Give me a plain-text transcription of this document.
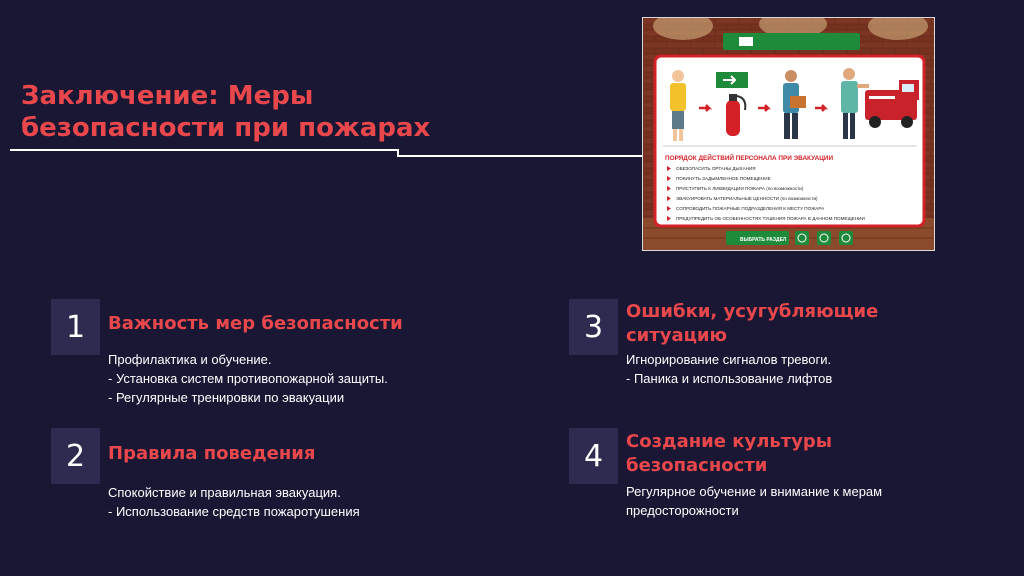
Заключение: Меры безопасности при пожарах
ПОРЯДОК ДЕЙСТВИЙ ПЕРСОНАЛА ПРИ ЭВАКУАЦИИ
ОБЕЗОПАСИТЬ ОРГАНЫ ДЫХАНИЯ
ПОКИНУТЬ ЗАДЫМЛЕННОЕ ПОМЕЩЕНИЕ
ПРИСТУПИТЬ К ЛИКВИДАЦИИ ПОЖАРА (по возможности)
ЭВАКУИРОВАТЬ МАТЕРИАЛЬНЫЕ ЦЕННОСТИ (по возможности)
СОПРОВОДИТЬ ПОЖАРНЫЕ ПОДРАЗДЕЛЕНИЯ К МЕСТУ ПОЖАРА
ПРЕДУПРЕДИТЬ ОБ ОСОБЕННОСТЯХ ТУШЕНИЯ ПОЖАРА В ДАННОМ ПОМЕЩЕНИИ
ВЫБРАТЬ РАЗДЕЛ
1	Важность мер безопасности
Профилактика и обучение.
- Установка систем противопожарной защиты.
- Регулярные тренировки по эвакуации
2	Правила поведения
Спокойствие и правильная эвакуация.
- Использование средств пожаротушения
3	Ошибки, усугубляющие ситуацию
Игнорирование сигналов тревоги.
- Паника и использование лифтов
4	Создание культуры безопасности
Регулярное обучение и внимание к мерам предосторожности
